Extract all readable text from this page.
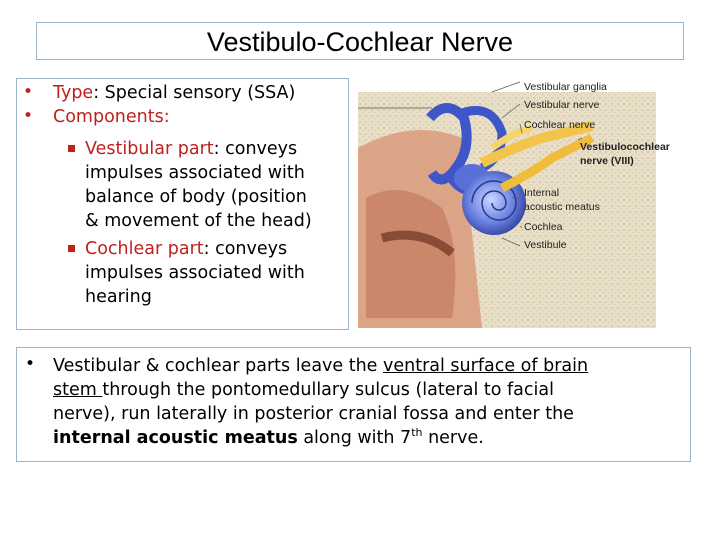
Vestibulo-Cochlear Nerve
• Type: Special sensory (SSA)
• Components:
Vestibular part: conveys
impulses associated with
balance of body (position
& movement of the head)
Cochlear part: conveys
impulses associated with
hearing
Vestibular ganglia
Vestibular nerve
Cochlear nerve
Vestibulocochlear
nerve (VIII)
Internal
acoustic meatus
Cochlea
Vestibule
• Vestibular & cochlear parts leave the ventral surface of brain
stem through the pontomedullary sulcus (lateral to facial
nerve), run laterally in posterior cranial fossa and enter the
internal acoustic meatus along with 7th nerve.
